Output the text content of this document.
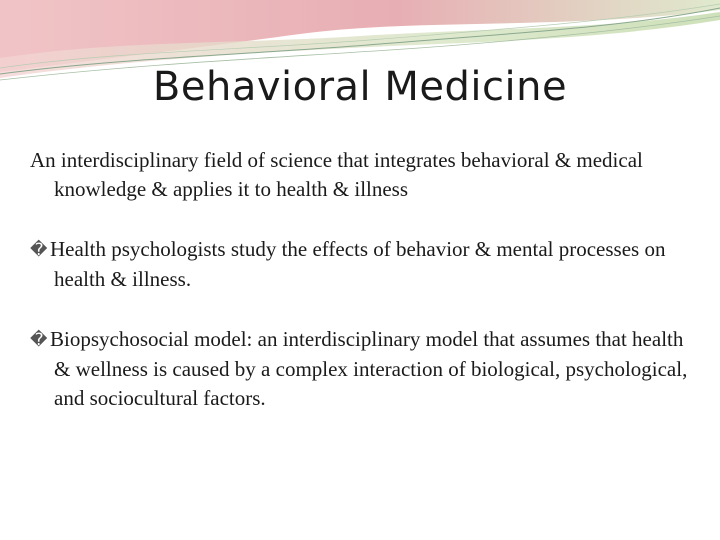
Behavioral Medicine

An interdisciplinary field of science that integrates behavioral & medical knowledge & applies it to health & illness

� Health psychologists study the effects of behavior & mental processes on health & illness.

� Biopsychosocial model: an interdisciplinary model that assumes that health & wellness is caused by a complex interaction of biological, psychological, and sociocultural factors.
